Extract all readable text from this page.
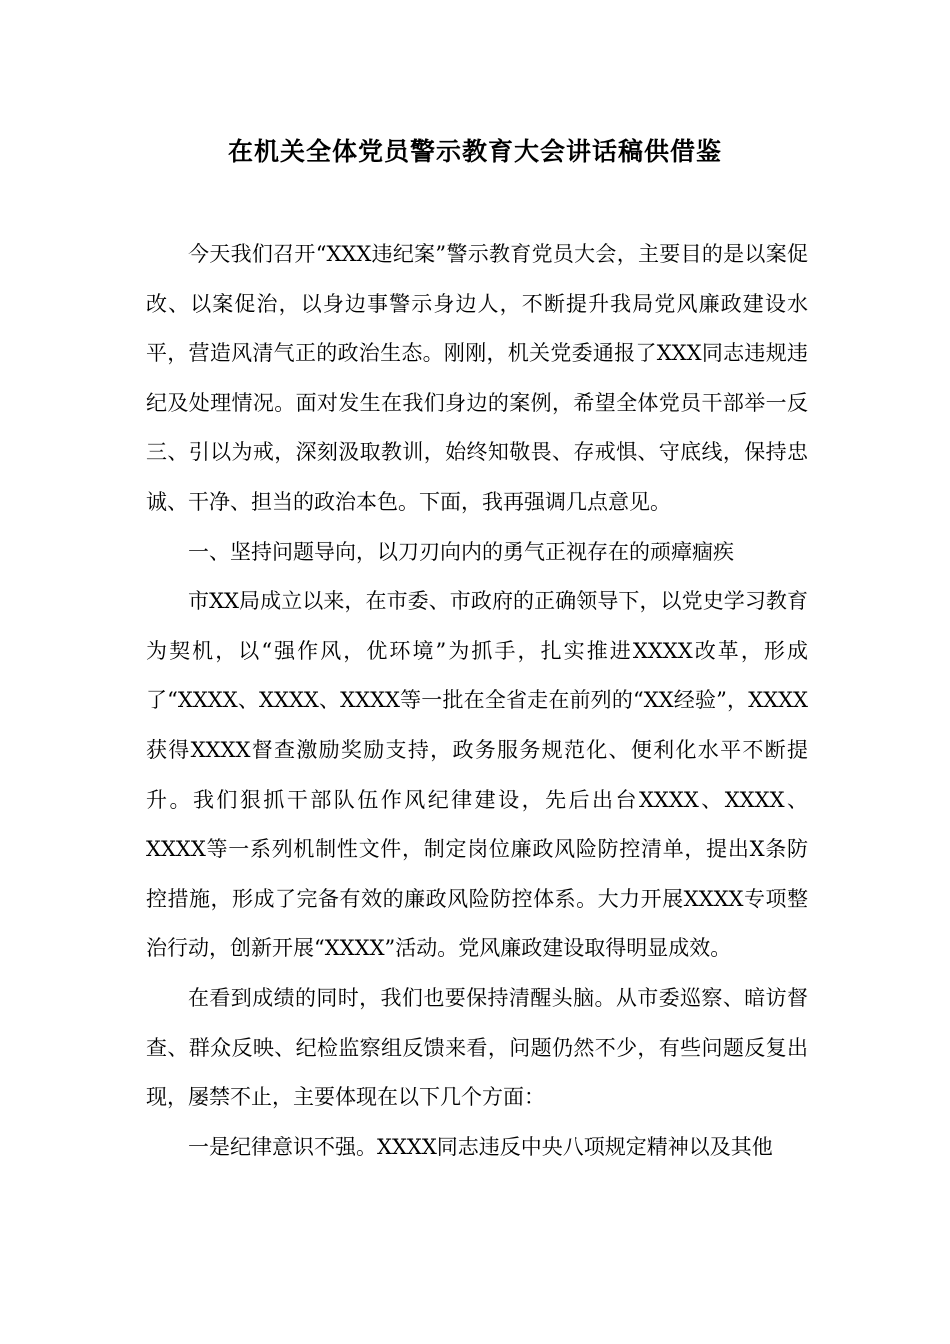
在机关全体党员警示教育大会讲话稿供借鉴

今天我们召开“XXX违纪案”警示教育党员大会，主要目的是以案促改、以案促治，以身边事警示身边人，不断提升我局党风廉政建设水平，营造风清气正的政治生态。刚刚，机关党委通报了XXX同志违规违纪及处理情况。面对发生在我们身边的案例，希望全体党员干部举一反三、引以为戒，深刻汲取教训，始终知敬畏、存戒惧、守底线，保持忠诚、干净、担当的政治本色。下面，我再强调几点意见。

一、坚持问题导向，以刀刃向内的勇气正视存在的顽瘴痼疾

市XX局成立以来，在市委、市政府的正确领导下，以党史学习教育为契机，以“强作风，优环境”为抓手，扎实推进XXXX改革，形成了“XXXX、XXXX、XXXX等一批在全省走在前列的“XX经验”，XXXX获得XXXX督查激励奖励支持，政务服务规范化、便利化水平不断提升。我们狠抓干部队伍作风纪律建设，先后出台XXXX、XXXX、XXXX等一系列机制性文件，制定岗位廉政风险防控清单，提出X条防控措施，形成了完备有效的廉政风险防控体系。大力开展XXXX专项整治行动，创新开展“XXXX”活动。党风廉政建设取得明显成效。

在看到成绩的同时，我们也要保持清醒头脑。从市委巡察、暗访督查、群众反映、纪检监察组反馈来看，问题仍然不少，有些问题反复出现，屡禁不止，主要体现在以下几个方面：

一是纪律意识不强。XXXX同志违反中央八项规定精神以及其他
